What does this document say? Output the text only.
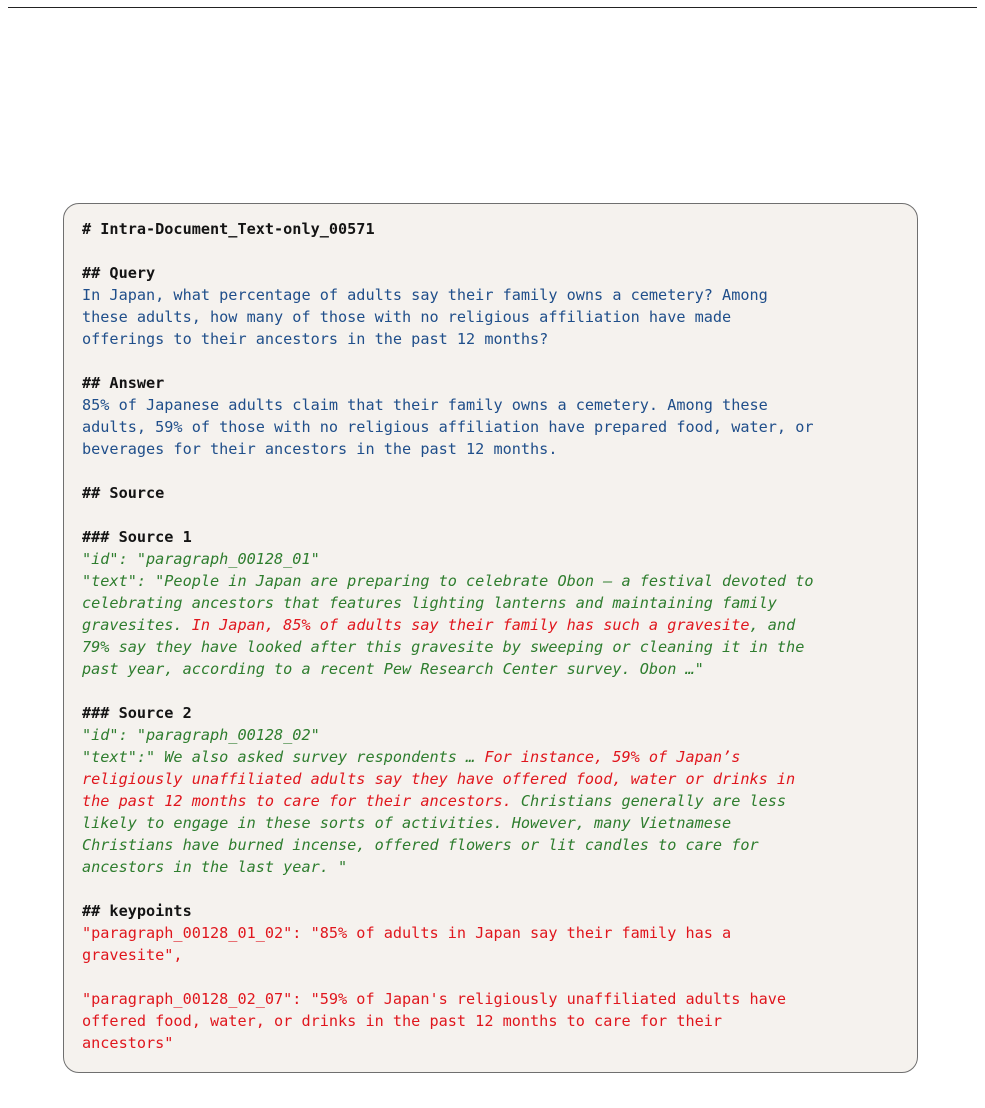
# Intra-Document_Text-only_00571
## Query
In Japan, what percentage of adults say their family owns a cemetery? Among
these adults, how many of those with no religious affiliation have made
offerings to their ancestors in the past 12 months?
## Answer
85% of Japanese adults claim that their family owns a cemetery. Among these
adults, 59% of those with no religious affiliation have prepared food, water, or
beverages for their ancestors in the past 12 months.
## Source
### Source 1
"id": "paragraph_00128_01"
"text": "People in Japan are preparing to celebrate Obon – a festival devoted to
celebrating ancestors that features lighting lanterns and maintaining family
gravesites. In Japan, 85% of adults say their family has such a gravesite, and
79% say they have looked after this gravesite by sweeping or cleaning it in the
past year, according to a recent Pew Research Center survey. Obon …"
### Source 2
"id": "paragraph_00128_02"
"text":" We also asked survey respondents … For instance, 59% of Japan’s
religiously unaffiliated adults say they have offered food, water or drinks in
the past 12 months to care for their ancestors. Christians generally are less
likely to engage in these sorts of activities. However, many Vietnamese
Christians have burned incense, offered flowers or lit candles to care for
ancestors in the last year. "
## keypoints
"paragraph_00128_01_02": "85% of adults in Japan say their family has a
gravesite",
"paragraph_00128_02_07": "59% of Japan's religiously unaffiliated adults have
offered food, water, or drinks in the past 12 months to care for their
ancestors"
